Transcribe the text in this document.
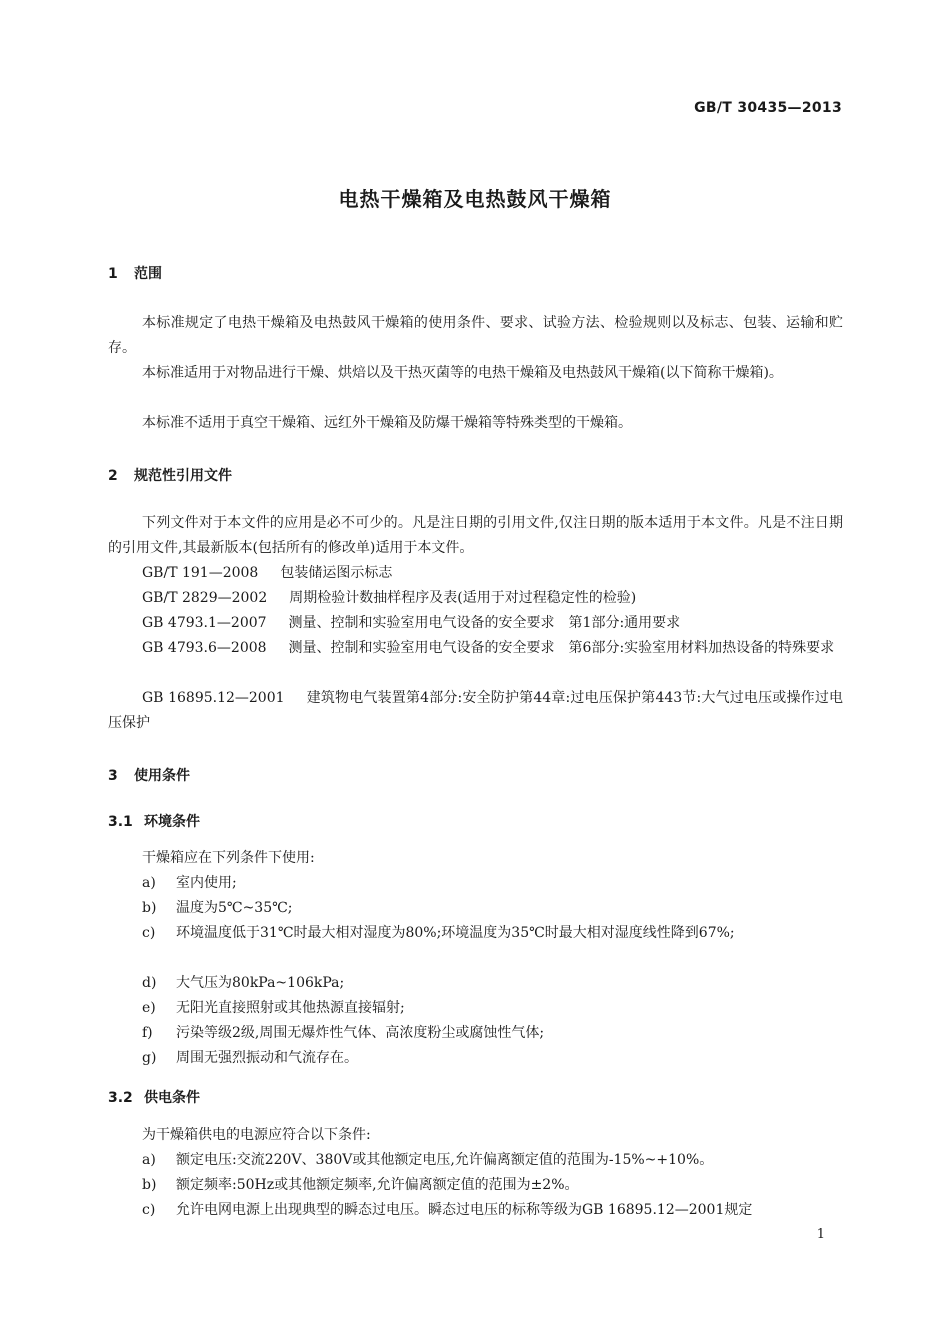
GB/T 30435—2013
电热干燥箱及电热鼓风干燥箱
1 范围
本标准规定了电热干燥箱及电热鼓风干燥箱的使用条件、要求、试验方法、检验规则以及标志、包装、运输和贮存。
本标准适用于对物品进行干燥、烘焙以及干热灭菌等的电热干燥箱及电热鼓风干燥箱(以下简称干燥箱)。
本标准不适用于真空干燥箱、远红外干燥箱及防爆干燥箱等特殊类型的干燥箱。
2 规范性引用文件
下列文件对于本文件的应用是必不可少的。凡是注日期的引用文件,仅注日期的版本适用于本文件。凡是不注日期的引用文件,其最新版本(包括所有的修改单)适用于本文件。
GB/T 191—2008 包装储运图示标志
GB/T 2829—2002 周期检验计数抽样程序及表(适用于对过程稳定性的检验)
GB 4793.1—2007 测量、控制和实验室用电气设备的安全要求　第1部分:通用要求
GB 4793.6—2008 测量、控制和实验室用电气设备的安全要求　第6部分:实验室用材料加热设备的特殊要求
GB 16895.12—2001 建筑物电气装置第4部分:安全防护第44章:过电压保护第443节:大气过电压或操作过电压保护
3 使用条件
3.1 环境条件
干燥箱应在下列条件下使用:
a) 室内使用;
b) 温度为5℃~35℃;
c) 环境温度低于31℃时最大相对湿度为80%;环境温度为35℃时最大相对湿度线性降到67%;
d) 大气压为80kPa~106kPa;
e) 无阳光直接照射或其他热源直接辐射;
f) 污染等级2级,周围无爆炸性气体、高浓度粉尘或腐蚀性气体;
g) 周围无强烈振动和气流存在。
3.2 供电条件
为干燥箱供电的电源应符合以下条件:
a) 额定电压:交流220V、380V或其他额定电压,允许偏离额定值的范围为-15%~+10%。
b) 额定频率:50Hz或其他额定频率,允许偏离额定值的范围为±2%。
c) 允许电网电源上出现典型的瞬态过电压。瞬态过电压的标称等级为GB 16895.12—2001规定
1
